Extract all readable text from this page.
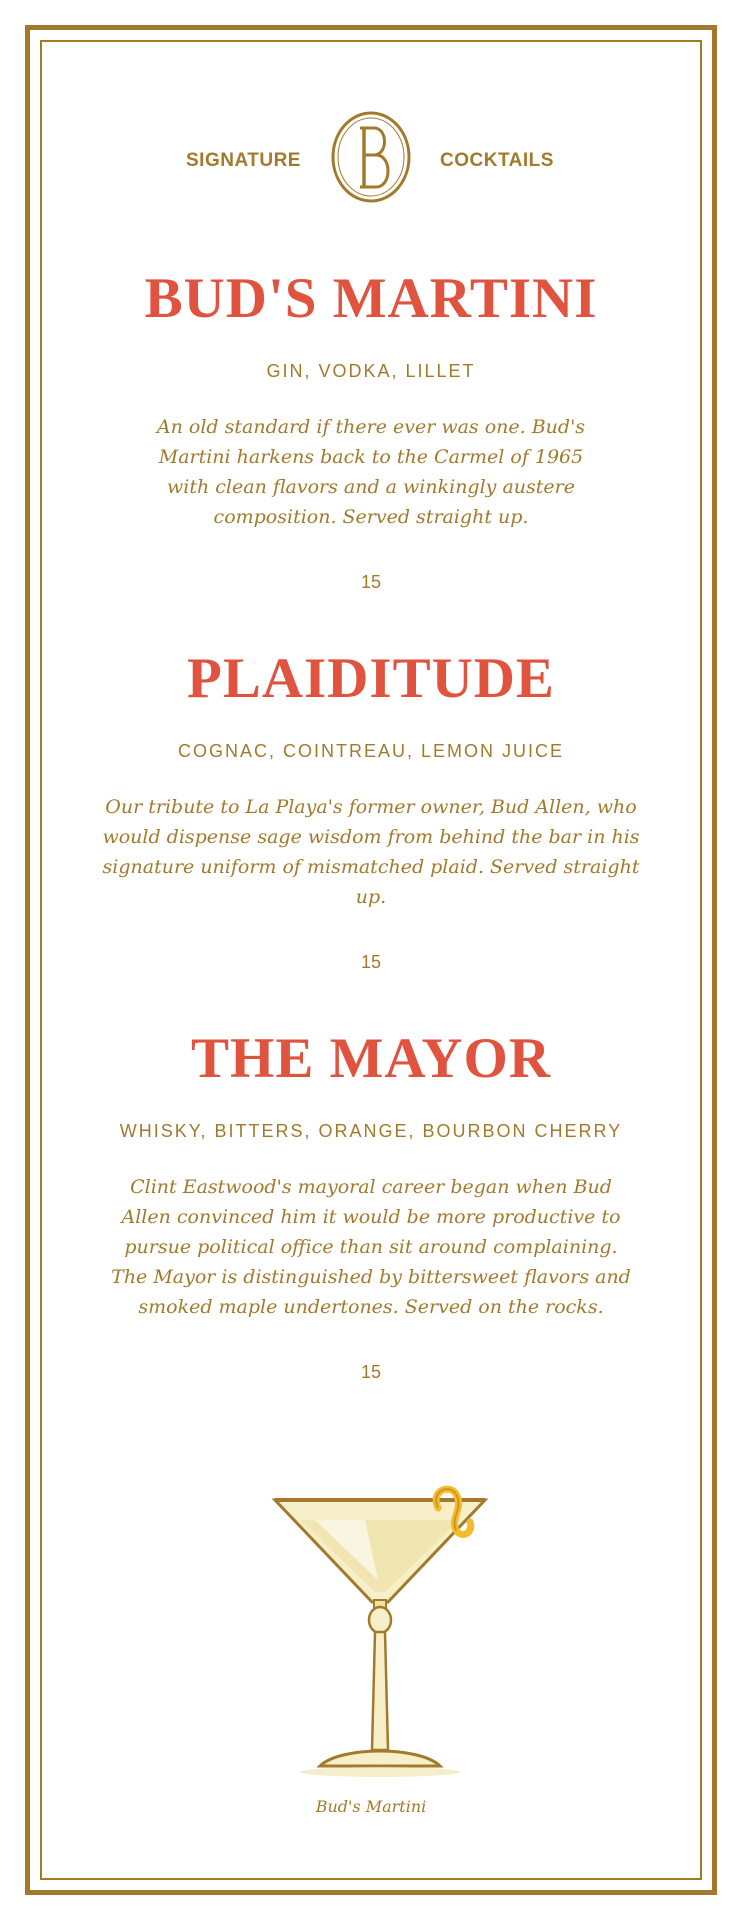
SIGNATURE	COCKTAILS
BUD'S MARTINI
GIN, VODKA, LILLET

An old standard if there ever was one. Bud's Martini harkens back to the Carmel of 1965 with clean flavors and a winkingly austere composition. Served straight up.

15
PLAIDITUDE
COGNAC, COINTREAU, LEMON JUICE

Our tribute to La Playa's former owner, Bud Allen, who would dispense sage wisdom from behind the bar in his signature uniform of mismatched plaid. Served straight up.

15
THE MAYOR
WHISKY, BITTERS, ORANGE, BOURBON CHERRY

Clint Eastwood's mayoral career began when Bud Allen convinced him it would be more productive to pursue political office than sit around complaining. The Mayor is distinguished by bittersweet flavors and smoked maple undertones. Served on the rocks.

15
Bud's Martini
